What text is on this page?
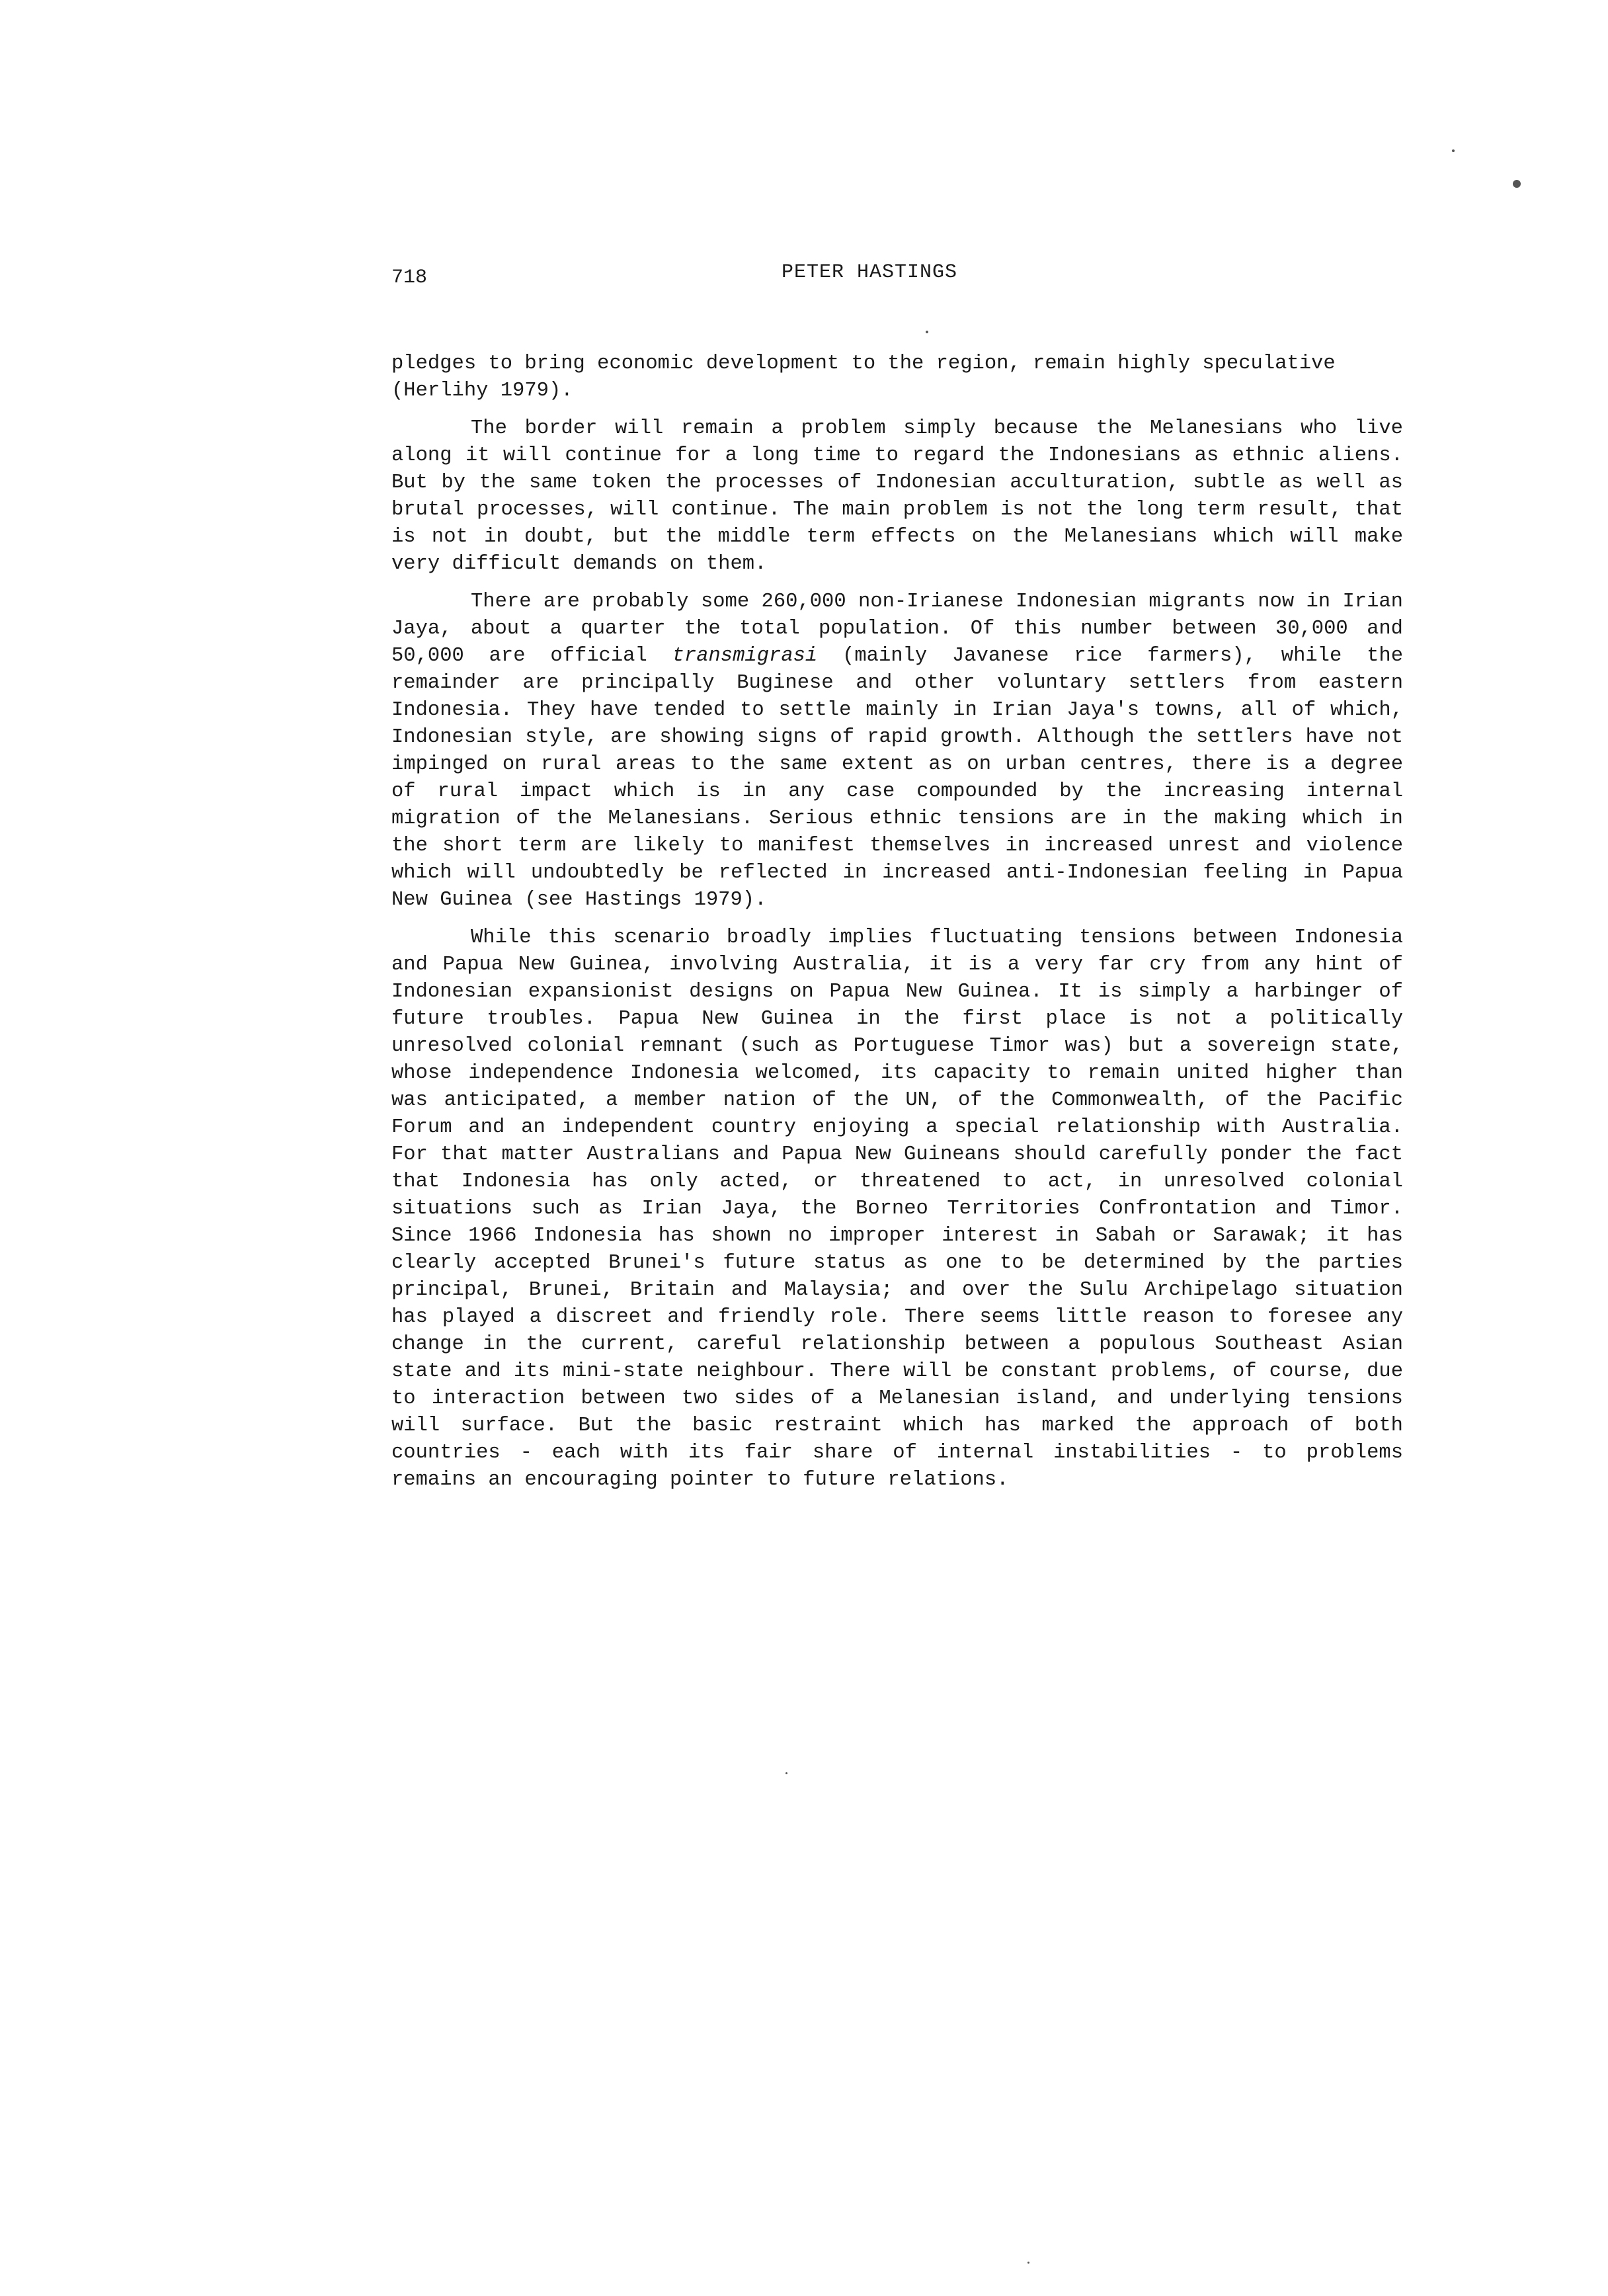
718	PETER HASTINGS

pledges to bring economic development to the region, remain highly speculative (Herlihy 1979).

The border will remain a problem simply because the Melanesians who live along it will continue for a long time to regard the Indonesians as ethnic aliens. But by the same token the processes of Indonesian acculturation, subtle as well as brutal processes, will continue. The main problem is not the long term result, that is not in doubt, but the middle term effects on the Melanesians which will make very difficult demands on them.

There are probably some 260,000 non-Irianese Indonesian migrants now in Irian Jaya, about a quarter the total population. Of this number between 30,000 and 50,000 are official transmigrasi (mainly Javanese rice farmers), while the remainder are principally Buginese and other voluntary settlers from eastern Indonesia. They have tended to settle mainly in Irian Jaya's towns, all of which, Indonesian style, are showing signs of rapid growth. Although the settlers have not impinged on rural areas to the same extent as on urban centres, there is a degree of rural impact which is in any case compounded by the increasing internal migration of the Melanesians. Serious ethnic tensions are in the making which in the short term are likely to manifest themselves in increased unrest and violence which will undoubtedly be reflected in increased anti-Indonesian feeling in Papua New Guinea (see Hastings 1979).

While this scenario broadly implies fluctuating tensions between Indonesia and Papua New Guinea, involving Australia, it is a very far cry from any hint of Indonesian expansionist designs on Papua New Guinea. It is simply a harbinger of future troubles. Papua New Guinea in the first place is not a politically unresolved colonial remnant (such as Portuguese Timor was) but a sovereign state, whose independence Indonesia welcomed, its capacity to remain united higher than was anticipated, a member nation of the UN, of the Commonwealth, of the Pacific Forum and an independent country enjoying a special relationship with Australia. For that matter Australians and Papua New Guineans should carefully ponder the fact that Indonesia has only acted, or threatened to act, in unresolved colonial situations such as Irian Jaya, the Borneo Territories Confrontation and Timor. Since 1966 Indonesia has shown no improper interest in Sabah or Sarawak; it has clearly accepted Brunei's future status as one to be determined by the parties principal, Brunei, Britain and Malaysia; and over the Sulu Archipelago situation has played a discreet and friendly role. There seems little reason to foresee any change in the current, careful relationship between a populous Southeast Asian state and its mini-state neighbour. There will be constant problems, of course, due to interaction between two sides of a Melanesian island, and underlying tensions will surface. But the basic restraint which has marked the approach of both countries - each with its fair share of internal instabilities - to problems remains an encouraging pointer to future relations.
